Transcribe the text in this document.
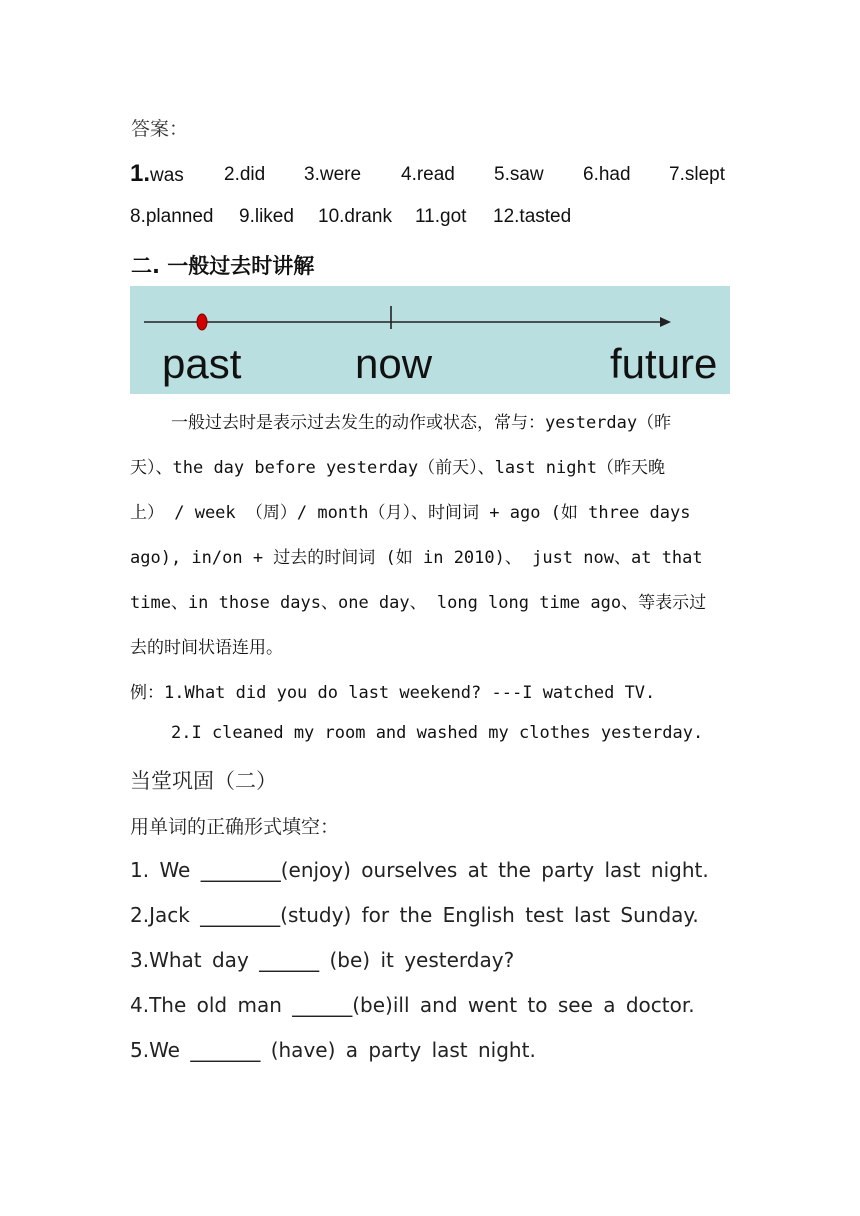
答案：
1.was 2.did 3.were 4.read 5.saw 6.had 7.slept
8.planned 9.liked 10.drank 11.got 12.tasted
二. 一般过去时讲解
past	now	future
一般过去时是表示过去发生的动作或状态，常与：yesterday（昨
天）、the day before yesterday（前天）、last night（昨天晚
上） / week （周）/ month（月）、时间词 + ago (如 three days
ago), in/on + 过去的时间词 (如 in 2010)、 just now、at that
time、in those days、one day、 long long time ago、等表示过
去的时间状语连用。
例：1.What did you do last weekend? ---I watched TV.
2.I cleaned my room and washed my clothes yesterday.
当堂巩固（二）
用单词的正确形式填空：
1. We ________(enjoy) ourselves at the party last night.
2.Jack ________(study) for the English test last Sunday.
3.What day ______ (be) it yesterday?
4.The old man ______(be)ill and went to see a doctor.
5.We _______ (have) a party last night.
